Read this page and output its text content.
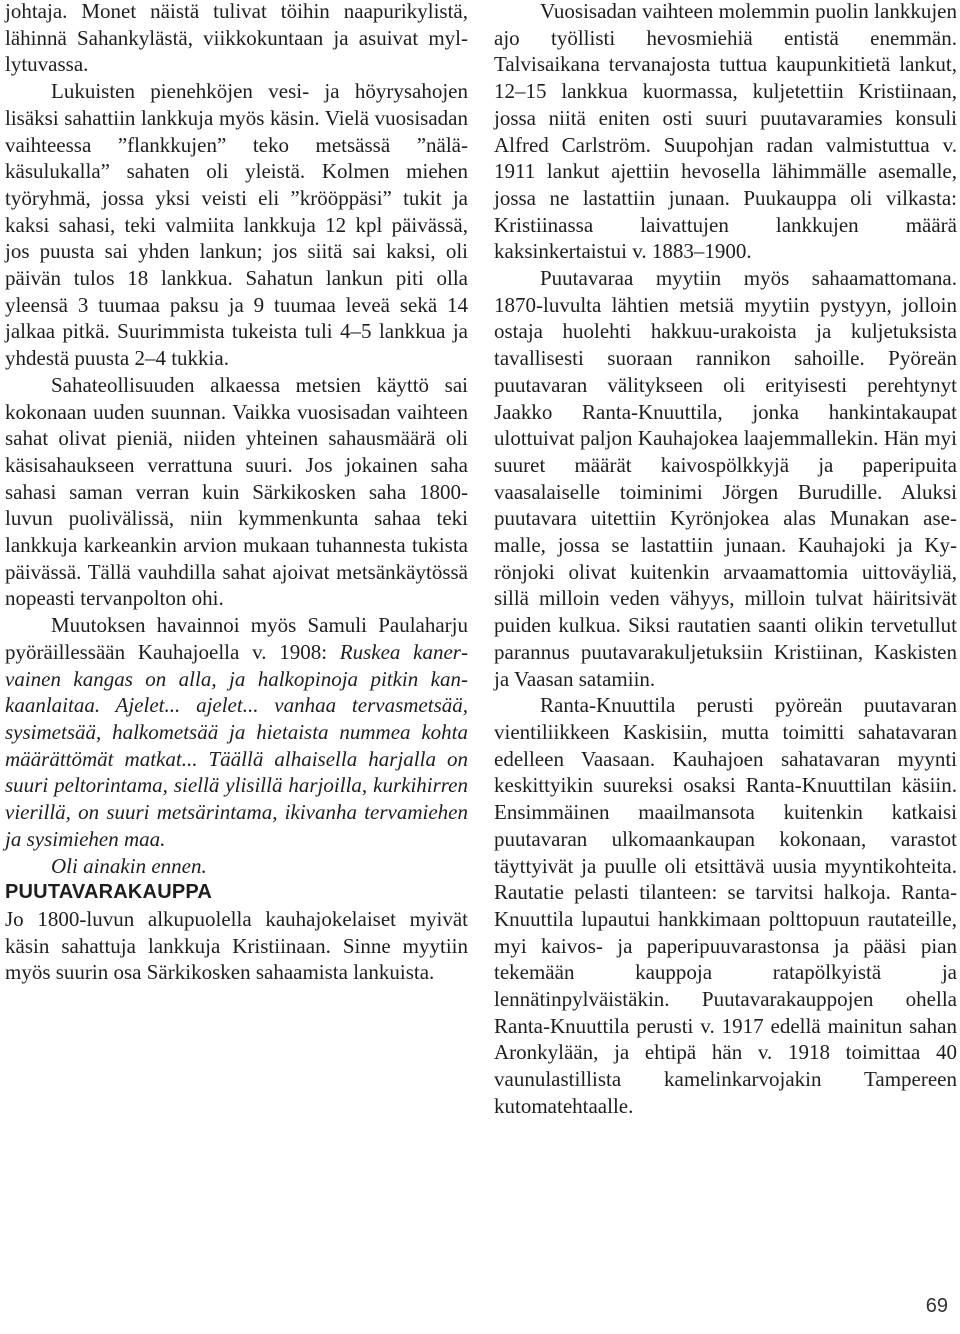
johtaja. Monet näistä tulivat töihin naapurikylistä, lähinnä Sahankylästä, viikkokuntaan ja asuivat myllytuvassa.

Lukuisten pienehköjen vesi- ja höyrysahojen lisäksi sahattiin lankkuja myös käsin. Vielä vuosisadan vaihteessa ”flankkujen” teko metsässä ”näläkäsulukalla” sahaten oli yleistä. Kolmen miehen työryhmä, jossa yksi veisti eli ”krööppäsi” tukit ja kaksi sahasi, teki valmiita lankkuja 12 kpl päivässä, jos puusta sai yhden lankun; jos siitä sai kaksi, oli päivän tulos 18 lankkua. Sahatun lankun piti olla yleensä 3 tuumaa paksu ja 9 tuumaa leveä sekä 14 jalkaa pitkä. Suurimmista tukeista tuli 4–5 lankkua ja yhdestä puusta 2–4 tukkia.

Sahateollisuuden alkaessa metsien käyttö sai kokonaan uuden suunnan. Vaikka vuosisadan vaihteen sahat olivat pieniä, niiden yhteinen sahausmäärä oli käsisahaukseen verrattuna suuri. Jos jokainen saha sahasi saman verran kuin Särkikosken saha 1800-luvun puolivälissä, niin kymmenkunta sahaa teki lankkuja karkeankin arvion mukaan tuhannesta tukista päivässä. Tällä vauhdilla sahat ajoivat metsänkäytössä nopeasti tervanpolton ohi.

Muutoksen havainnoi myös Samuli Paulaharju pyöräillessään Kauhajoella v. 1908: Ruskea kanervainen kangas on alla, ja halkopinoja pitkin kankaanlaitaa. Ajelet... ajelet... vanhaa tervasmetsää, sysimetsää, halkometsää ja hietaista nummea kohta määrättömät matkat... Täällä alhaisella harjalla on suuri peltorintama, siellä ylisillä harjoilla, kurkihirren vierillä, on suuri metsärintama, ikivanha tervamiehen ja sysimiehen maa.

Oli ainakin ennen.

PUUTAVARAKAUPPA

Jo 1800-luvun alkupuolella kauhajokelaiset myivät käsin sahattuja lankkuja Kristiinaan. Sinne myytiin myös suurin osa Särkikosken sahaamista lankuista.

Vuosisadan vaihteen molemmin puolin lankkujen ajo työllisti hevosmiehiä entistä enemmän. Talvisaikana tervanajosta tuttua kaupunkitietä lankut, 12–15 lankkua kuormassa, kuljetettiin Kristiinaan, jossa niitä eniten osti suuri puutavaramies konsuli Alfred Carlström. Suupohjan radan valmistuttua v. 1911 lankut ajettiin hevosella lähimmälle asemalle, jossa ne lastattiin junaan. Puukauppa oli vilkasta: Kristiinassa laivattujen lankkujen määrä kaksinkertaistui v. 1883–1900.

Puutavaraa myytiin myös sahaamattomana. 1870-luvulta lähtien metsiä myytiin pystyyn, jolloin ostaja huolehti hakkuu-urakoista ja kuljetuksista tavallisesti suoraan rannikon sahoille. Pyöreän puutavaran välitykseen oli erityisesti perehtynyt Jaakko Ranta-Knuuttila, jonka hankintakaupat ulottuivat paljon Kauhajokea laajemmallekin. Hän myi suuret määrät kaivospölkkyjä ja paperipuita vaasalaiselle toiminimi Jörgen Burudille. Aluksi puutavara uitettiin Kyrönjokea alas Munakan asemalle, jossa se lastattiin junaan. Kauhajoki ja Kyrönjoki olivat kuitenkin arvaamattomia uittoväyliä, sillä milloin veden vähyys, milloin tulvat häiritsivät puiden kulkua. Siksi rautatien saanti olikin tervetullut parannus puutavarakuljetuksiin Kristiinan, Kaskisten ja Vaasan satamiin.

Ranta-Knuuttila perusti pyöreän puutavaran vientiliikkeen Kaskisiin, mutta toimitti sahatavaran edelleen Vaasaan. Kauhajoen sahatavaran myynti keskittyikin suureksi osaksi Ranta-Knuuttilan käsiin. Ensimmäinen maailmansota kuitenkin katkaisi puutavaran ulkomaankaupan kokonaan, varastot täyttyivät ja puulle oli etsittävä uusia myyntikohteita. Rautatie pelasti tilanteen: se tarvitsi halkoja. Ranta-Knuuttila lupautui hankkimaan polttopuun rautateille, myi kaivos- ja paperipuuvarastonsa ja pääsi pian tekemään kauppoja ratapölkyistä ja lennätinpylväistäkin. Puutavarakauppojen ohella Ranta-Knuuttila perusti v. 1917 edellä mainitun sahan Aronkylään, ja ehtipä hän v. 1918 toimittaa 40 vaunulastillista kamelinkarvojakin Tampereen kutomatehtaalle.

69
